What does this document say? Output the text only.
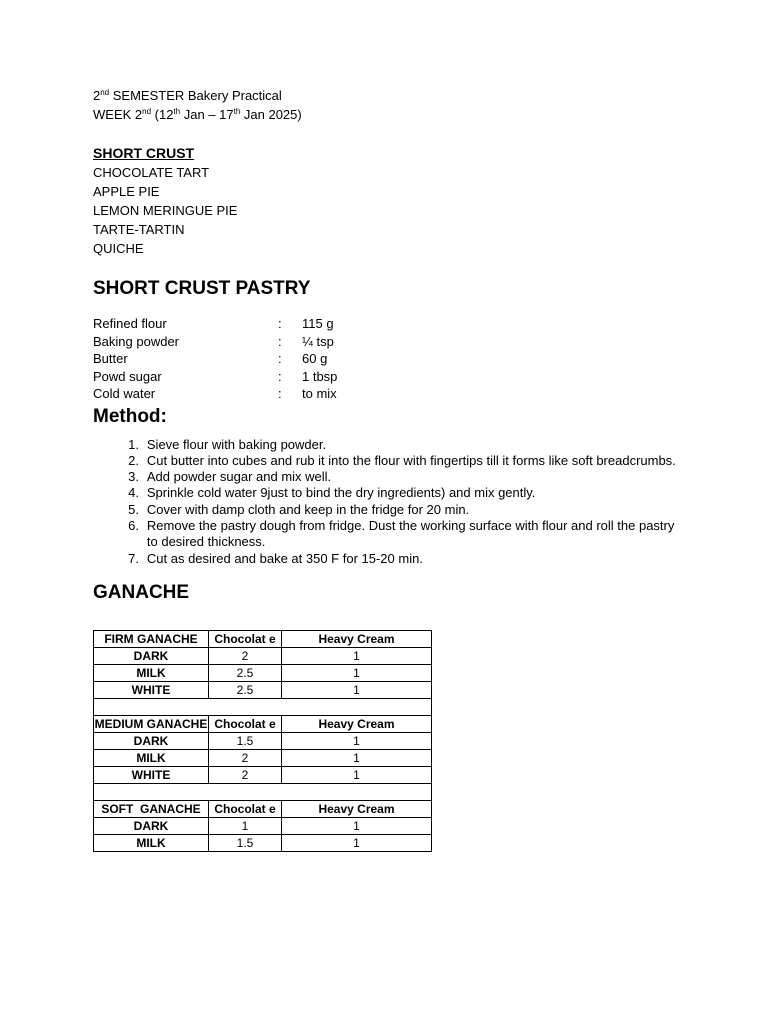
2nd SEMESTER Bakery Practical
WEEK 2nd (12th Jan – 17th Jan 2025)
SHORT CRUST
CHOCOLATE TART
APPLE PIE
LEMON MERINGUE PIE
TARTE-TARTIN
QUICHE
SHORT CRUST PASTRY
Refined flour	:	115 g
Baking powder	:	¼ tsp
Butter	:	60 g
Powd sugar	:	1 tbsp
Cold water	:	to mix
Method:
1. Sieve flour with baking powder.
2. Cut butter into cubes and rub it into the flour with fingertips till it forms like soft breadcrumbs.
3. Add powder sugar and mix well.
4. Sprinkle cold water 9just to bind the dry ingredients) and mix gently.
5. Cover with damp cloth and keep in the fridge for 20 min.
6. Remove the pastry dough from fridge. Dust the working surface with flour and roll the pastry to desired thickness.
7. Cut as desired and bake at 350 F for 15-20 min.
GANACHE
FIRM GANACHE	Chocolat e	Heavy Cream
DARK	2	1
MILK	2.5	1
WHITE	2.5	1

MEDIUM GANACHE	Chocolat e	Heavy Cream
DARK	1.5	1
MILK	2	1
WHITE	2	1

SOFT  GANACHE	Chocolat e	Heavy Cream
DARK	1	1
MILK	1.5	1
